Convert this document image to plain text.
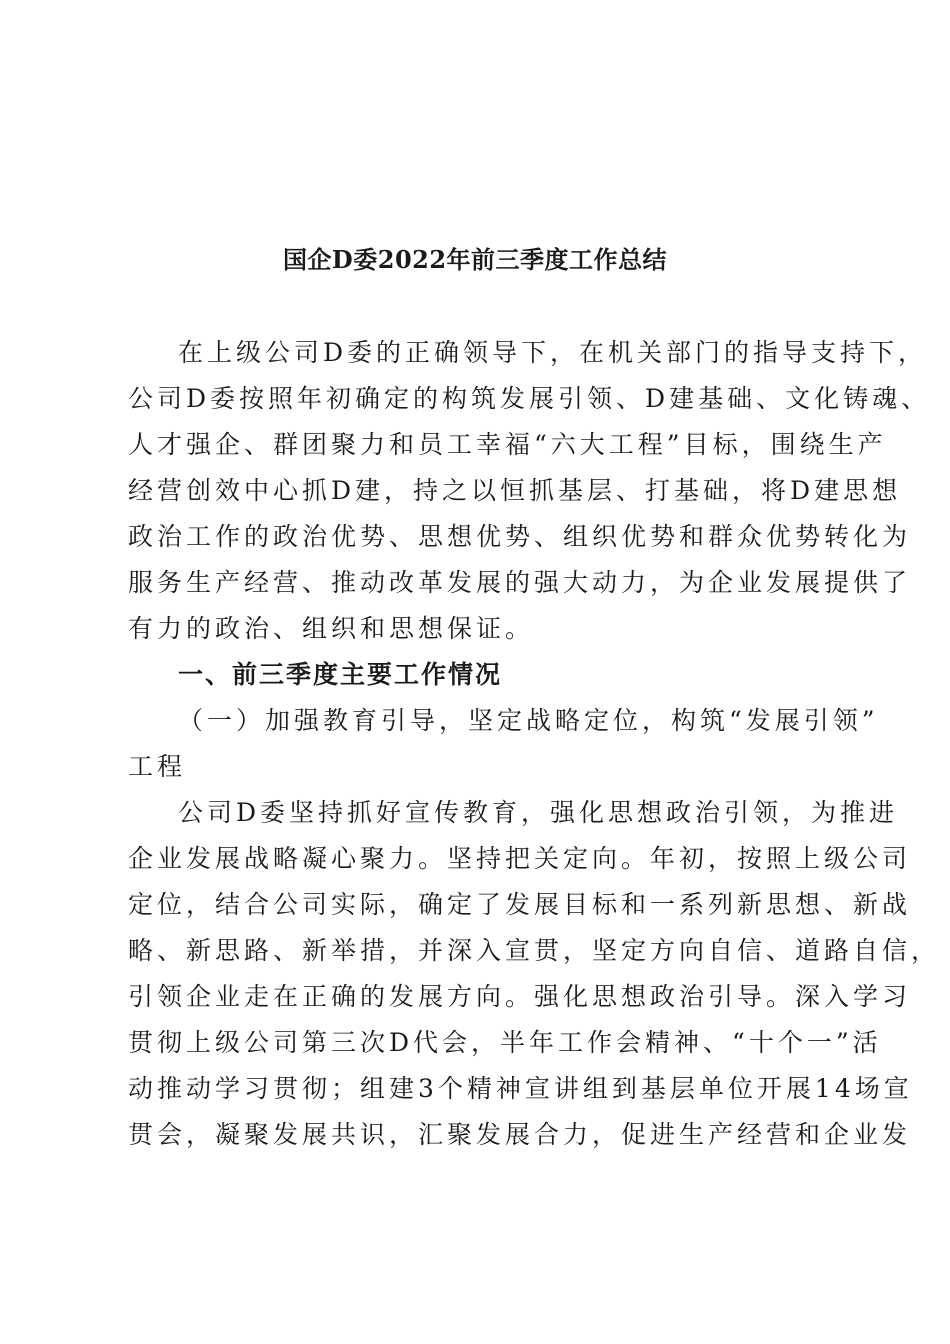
国企D委2022年前三季度工作总结
在上级公司D委的正确领导下，在机关部门的指导支持下，
公司D委按照年初确定的构筑发展引领、D建基础、文化铸魂、
人才强企、群团聚力和员工幸福“六大工程”目标，围绕生产
经营创效中心抓D建，持之以恒抓基层、打基础，将D建思想
政治工作的政治优势、思想优势、组织优势和群众优势转化为
服务生产经营、推动改革发展的强大动力，为企业发展提供了
有力的政治、组织和思想保证。
一、前三季度主要工作情况
（一）加强教育引导，坚定战略定位，构筑“发展引领”
工程
公司D委坚持抓好宣传教育，强化思想政治引领，为推进
企业发展战略凝心聚力。坚持把关定向。年初，按照上级公司
定位，结合公司实际，确定了发展目标和一系列新思想、新战
略、新思路、新举措，并深入宣贯，坚定方向自信、道路自信，
引领企业走在正确的发展方向。强化思想政治引导。深入学习
贯彻上级公司第三次D代会，半年工作会精神、“十个一”活
动推动学习贯彻；组建3个精神宣讲组到基层单位开展14场宣
贯会，凝聚发展共识，汇聚发展合力，促进生产经营和企业发
